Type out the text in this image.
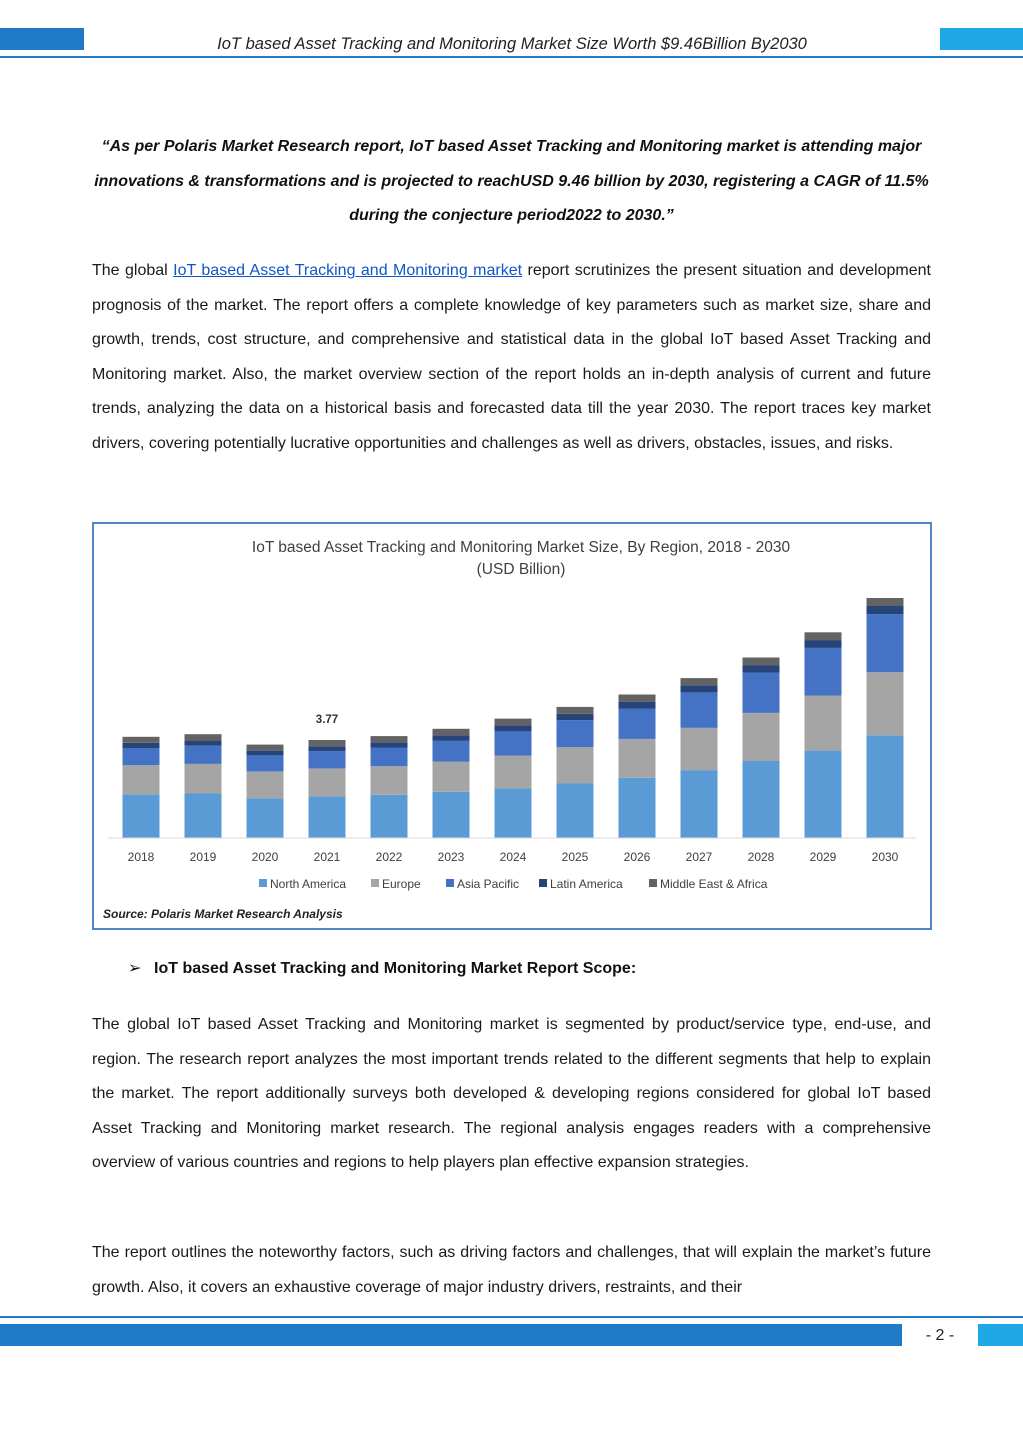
IoT based Asset Tracking and Monitoring Market Size Worth $9.46Billion By2030
“As per Polaris Market Research report, IoT based Asset Tracking and Monitoring market is attending major innovations & transformations and is projected to reachUSD 9.46 billion by 2030, registering a CAGR of 11.5% during the conjecture period2022 to 2030.”
The global IoT based Asset Tracking and Monitoring market report scrutinizes the present situation and development prognosis of the market. The report offers a complete knowledge of key parameters such as market size, share and growth, trends, cost structure, and comprehensive and statistical data in the global IoT based Asset Tracking and Monitoring market. Also, the market overview section of the report holds an in-depth analysis of current and future trends, analyzing the data on a historical basis and forecasted data till the year 2030. The report traces key market drivers, covering potentially lucrative opportunities and challenges as well as drivers, obstacles, issues, and risks.
IoT based Asset Tracking and Monitoring Market Size, By Region, 2018 - 2030
(USD Billion)
2018	2019	2020	2021	2022	2023	2024	2025	2026	2027	2028	2029	2030
3.77
North America	Europe	Asia Pacific	Latin America	Middle East & Africa
Source: Polaris Market Research Analysis
➢ IoT based Asset Tracking and Monitoring Market Report Scope:
The global IoT based Asset Tracking and Monitoring market is segmented by product/service type, end-use, and region. The research report analyzes the most important trends related to the different segments that help to explain the market. The report additionally surveys both developed & developing regions considered for global IoT based Asset Tracking and Monitoring market research. The regional analysis engages readers with a comprehensive overview of various countries and regions to help players plan effective expansion strategies.
The report outlines the noteworthy factors, such as driving factors and challenges, that will explain the market’s future growth. Also, it covers an exhaustive coverage of major industry drivers, restraints, and their
- 2 -
